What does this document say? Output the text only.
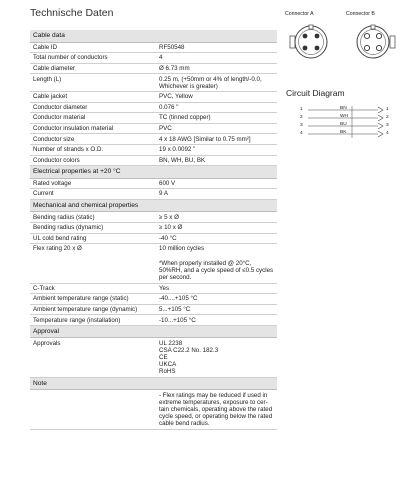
Technische Daten
Cable data	
Cable ID	RF50548
Total number of conductors	4
Cable diameter	Ø 6.73 mm
Length (L)	0.25 m, (+50mm or 4% of length/-0.0,
Whichever is greater)
Cable jacket	PVC, Yellow
Conductor diameter	0.076 "
Conductor material	TC (tinned copper)
Conductor insulation material	PVC
Conductor size	4 x 18 AWG [Similar to 0.75 mm²]
Number of strands x O.D.	19 x 0.0092 "
Conductor colors	BN, WH, BU, BK
Electrical properties at +20 °C	
Rated voltage	600 V
Current	9 A
Mechanical and chemical properties	
Bending radius (static)	≥ 5 x Ø
Bending radius (dynamic)	≥ 10 x Ø
UL cold bend rating	-40 °C
Flex rating 20 x Ø	10 million cycles

*When properly installed @ 20°C,
50%RH, and a cycle speed of ≤0.5 cycles
per second.
C-Track	Yes
Ambient temperature range (static)	-40....+105 °C
Ambient temperature range (dynamic)	5...+105 °C
Temperature range (installation)	-10...+105 °C
Approval	
Approvals	UL 2238
CSA C22.2 No. 182.3
CE
UKCA
RoHS
Note	
	- Flex ratings may be reduced if used in
extreme temperatures, exposure to cer-
tain chemicals, operating above the rated
cycle speed, or operating below the rated
cable bend radius.
Connector A	Connector B
Circuit Diagram
1
2
3
4
BN
WH
BU
BK
1
2
3
4
